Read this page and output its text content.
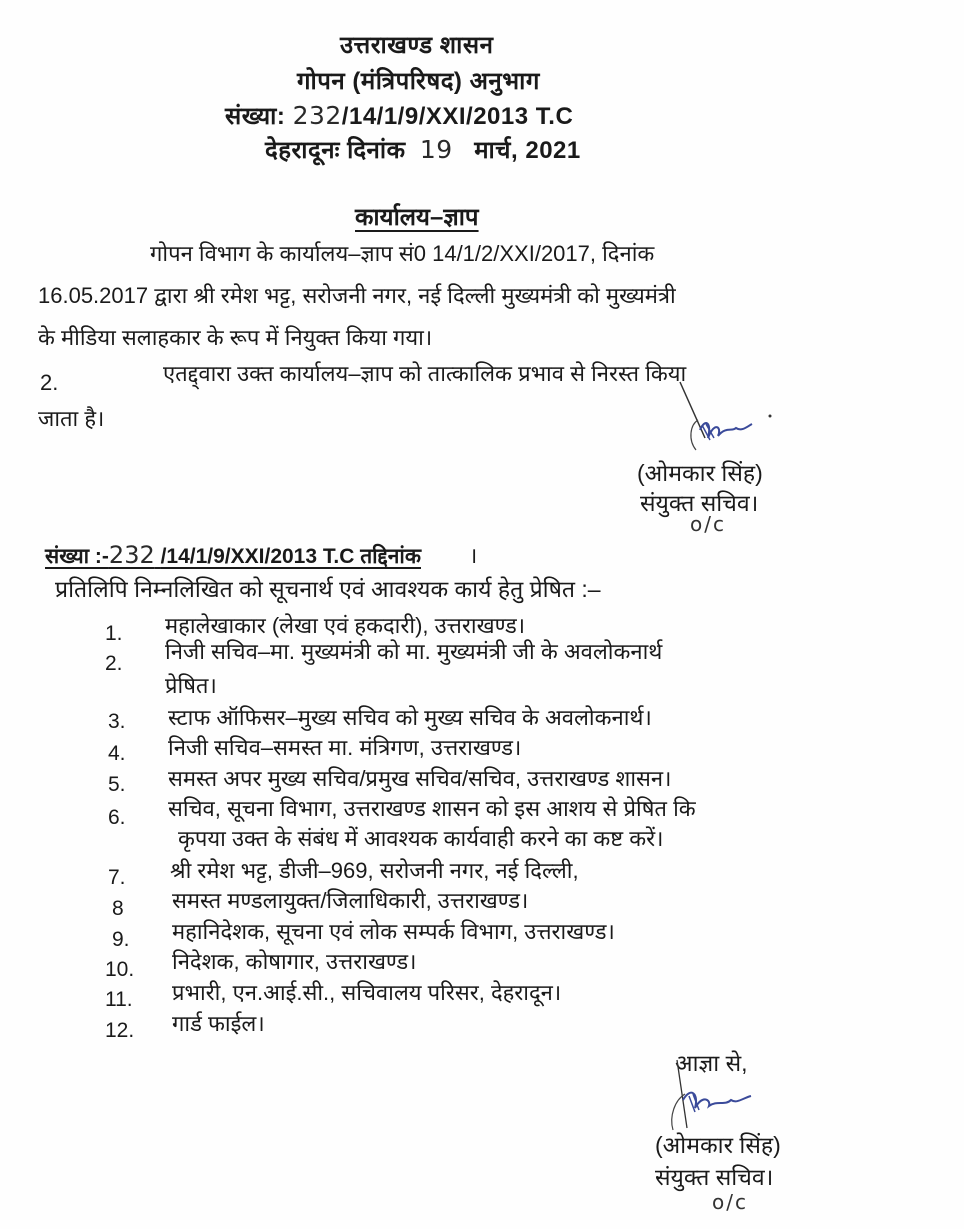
उत्तराखण्ड शासन
गोपन (मंत्रिपरिषद) अनुभाग
संख्या: 232/14/1/9/XXI/2013 T.C
देहरादूनः दिनांक 19 मार्च, 2021
कार्यालय–ज्ञाप
गोपन विभाग के कार्यालय–ज्ञाप सं0 14/1/2/XXI/2017, दिनांक
16.05.2017 द्वारा श्री रमेश भट्ट, सरोजनी नगर, नई दिल्ली मुख्यमंत्री को मुख्यमंत्री
के मीडिया सलाहकार के रूप में नियुक्त किया गया।
2.	एतद्द्वारा उक्त कार्यालय–ज्ञाप को तात्कालिक प्रभाव से निरस्त किया
जाता है।
(ओमकार सिंह)
संयुक्त सचिव।
o/c
संख्या :-232 /14/1/9/XXI/2013 T.C तद्दिनांक ।
प्रतिलिपि निम्नलिखित को सूचनार्थ एवं आवश्यक कार्य हेतु प्रेषित :–
1.	महालेखाकार (लेखा एवं हकदारी), उत्तराखण्ड।
2.	निजी सचिव–मा. मुख्यमंत्री को मा. मुख्यमंत्री जी के अवलोकनार्थ
प्रेषित।
3.	स्टाफ ऑफिसर–मुख्य सचिव को मुख्य सचिव के अवलोकनार्थ।
4.	निजी सचिव–समस्त मा. मंत्रिगण, उत्तराखण्ड।
5.	समस्त अपर मुख्य सचिव/प्रमुख सचिव/सचिव, उत्तराखण्ड शासन।
6.	सचिव, सूचना विभाग, उत्तराखण्ड शासन को इस आशय से प्रेषित कि
कृपया उक्त के संबंध में आवश्यक कार्यवाही करने का कष्ट करें।
7.	श्री रमेश भट्ट, डीजी–969, सरोजनी नगर, नई दिल्ली,
8	समस्त मण्डलायुक्त/जिलाधिकारी, उत्तराखण्ड।
9.	महानिदेशक, सूचना एवं लोक सम्पर्क विभाग, उत्तराखण्ड।
10.	निदेशक, कोषागार, उत्तराखण्ड।
11.	प्रभारी, एन.आई.सी., सचिवालय परिसर, देहरादून।
12.	गार्ड फाईल।
आज्ञा से,
(ओमकार सिंह)
संयुक्त सचिव।
o/c
